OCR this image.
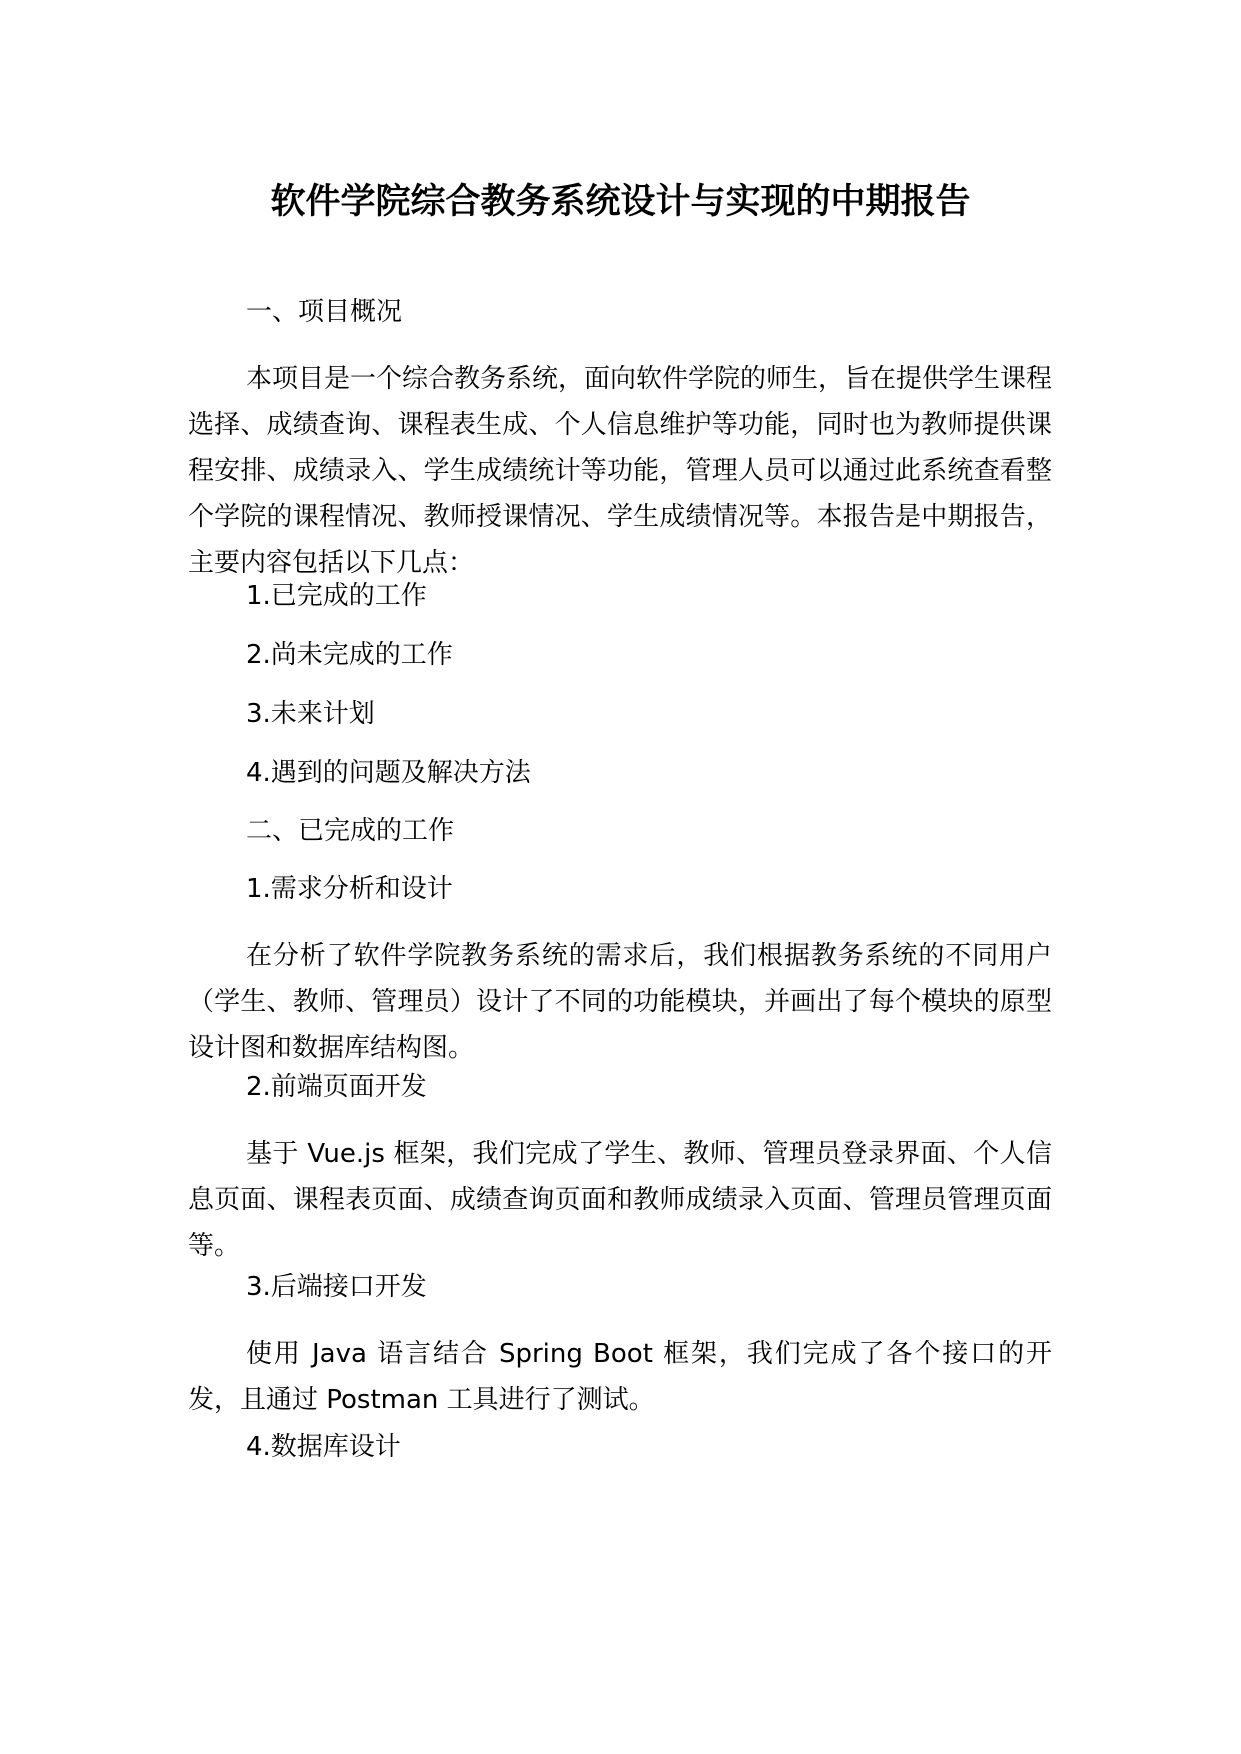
软件学院综合教务系统设计与实现的中期报告
一、项目概况
本项目是一个综合教务系统，面向软件学院的师生，旨在提供学生课程选择、成绩查询、课程表生成、个人信息维护等功能，同时也为教师提供课程安排、成绩录入、学生成绩统计等功能，管理人员可以通过此系统查看整个学院的课程情况、教师授课情况、学生成绩情况等。本报告是中期报告，主要内容包括以下几点：
1.已完成的工作
2.尚未完成的工作
3.未来计划
4.遇到的问题及解决方法
二、已完成的工作
1.需求分析和设计
在分析了软件学院教务系统的需求后，我们根据教务系统的不同用户（学生、教师、管理员）设计了不同的功能模块，并画出了每个模块的原型设计图和数据库结构图。
2.前端页面开发
基于 Vue.js 框架，我们完成了学生、教师、管理员登录界面、个人信息页面、课程表页面、成绩查询页面和教师成绩录入页面、管理员管理页面等。
3.后端接口开发
使用 Java 语言结合 Spring Boot 框架，我们完成了各个接口的开发，且通过 Postman 工具进行了测试。
4.数据库设计
